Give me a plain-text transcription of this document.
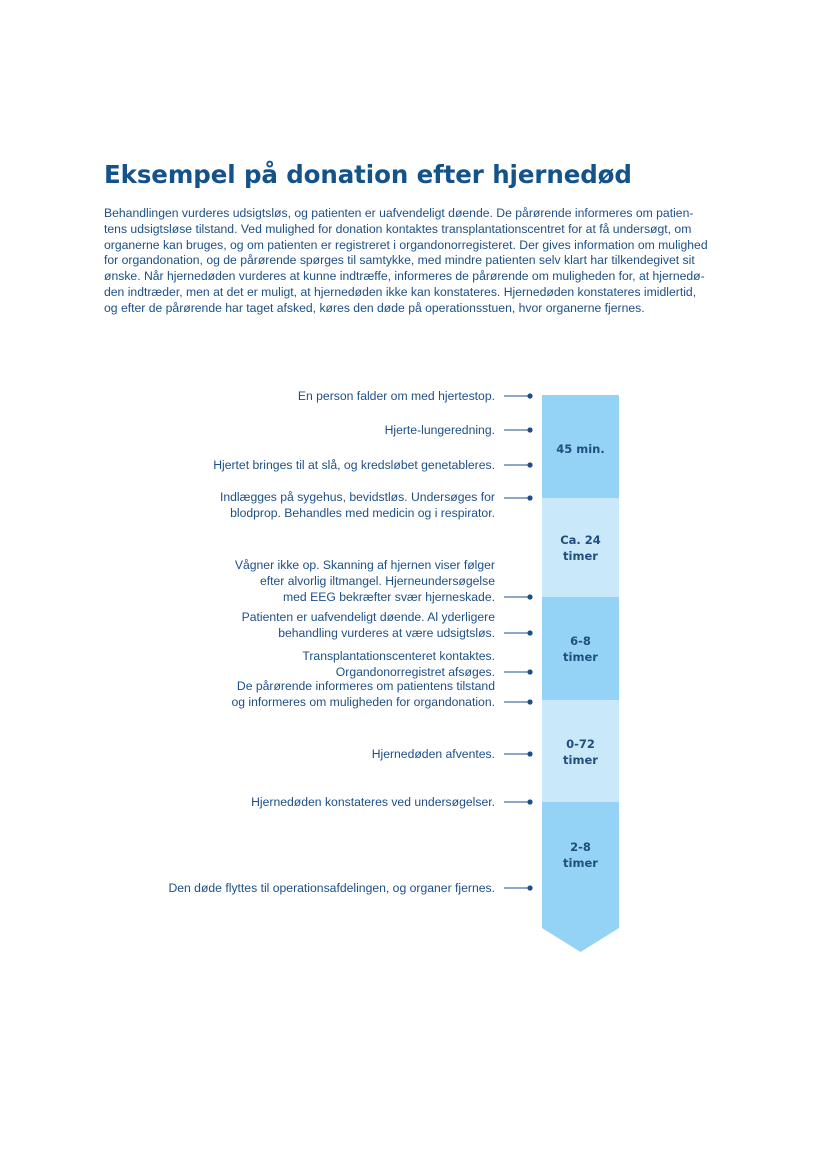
Eksempel på donation efter hjernedød
Behandlingen vurderes udsigtsløs, og patienten er uafvendeligt døende. De pårørende informeres om patien-
tens udsigtsløse tilstand. Ved mulighed for donation kontaktes transplantationscentret for at få undersøgt, om
organerne kan bruges, og om patienten er registreret i organdonorregisteret. Der gives information om mulighed
for organdonation, og de pårørende spørges til samtykke, med mindre patienten selv klart har tilkendegivet sit
ønske. Når hjernedøden vurderes at kunne indtræffe, informeres de pårørende om muligheden for, at hjernedø-
den indtræder, men at det er muligt, at hjernedøden ikke kan konstateres. Hjernedøden konstateres imidlertid,
og efter de pårørende har taget afsked, køres den døde på operationsstuen, hvor organerne fjernes.
45 min.
Ca. 24
timer
6-8
timer
0-72
timer
2-8
timer
En person falder om med hjertestop.
Hjerte-lungeredning.
Hjertet bringes til at slå, og kredsløbet genetableres.
Indlægges på sygehus, bevidstløs. Undersøges for
blodprop. Behandles med medicin og i respirator.
Vågner ikke op. Skanning af hjernen viser følger
efter alvorlig iltmangel. Hjerneundersøgelse
med EEG bekræfter svær hjerneskade.
Patienten er uafvendeligt døende. Al yderligere
behandling vurderes at være udsigtsløs.
Transplantationscenteret kontaktes.
Organdonorregistret afsøges.
De pårørende informeres om patientens tilstand
og informeres om muligheden for organdonation.
Hjernedøden afventes.
Hjernedøden konstateres ved undersøgelser.
Den døde flyttes til operationsafdelingen, og organer fjernes.
